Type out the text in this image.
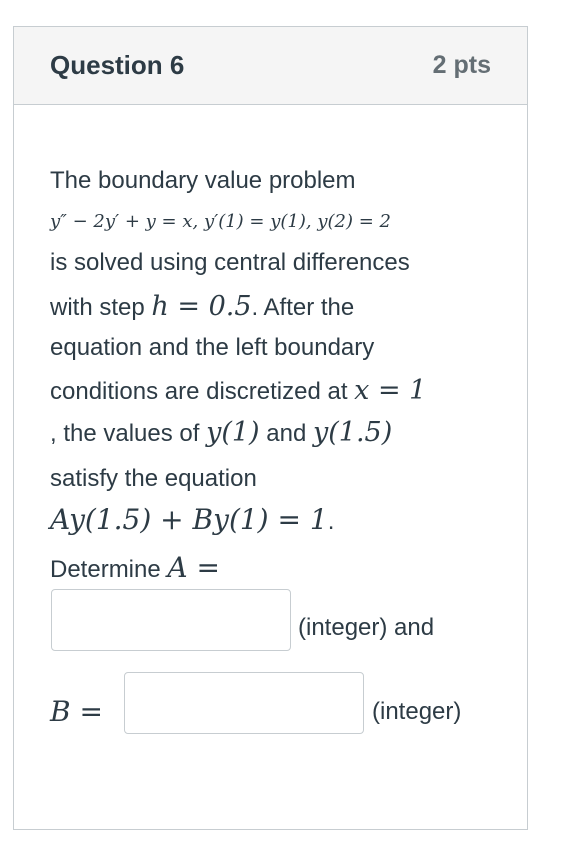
Question 6	2 pts
The boundary value problem
y″ − 2y′ + y = x, y′(1) = y(1), y(2) = 2
is solved using central differences
with step h = 0.5. After the
equation and the left boundary
conditions are discretized at x = 1
, the values of y(1) and y(1.5)
satisfy the equation
Ay(1.5) + By(1) = 1.
Determine A =
(integer) and
B =	(integer)
